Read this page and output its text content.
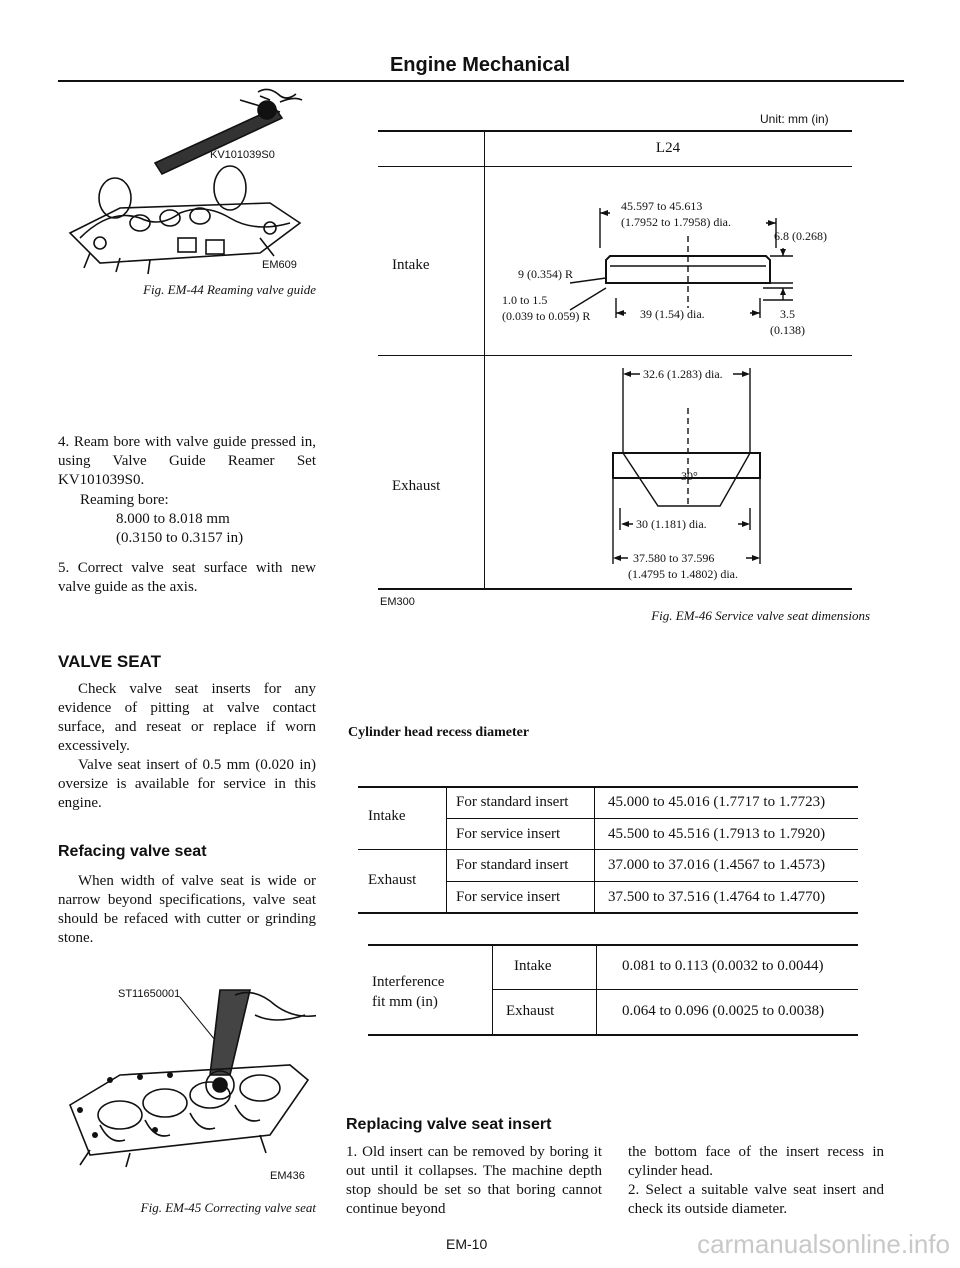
Engine Mechanical
KV101039S0
EM609
Fig. EM-44 Reaming valve guide
4. Ream bore with valve guide pressed in, using Valve Guide Reamer Set KV101039S0.
Reaming bore:
8.000 to 8.018 mm
(0.3150 to 0.3157 in)
5. Correct valve seat surface with new valve guide as the axis.
VALVE SEAT
Check valve seat inserts for any evidence of pitting at valve contact surface, and reseat or replace if worn excessively.
Valve seat insert of 0.5 mm (0.020 in) oversize is available for service in this engine.
Refacing valve seat
When width of valve seat is wide or narrow beyond specifications, valve seat should be refaced with cutter or grinding stone.
ST11650001
EM436
Fig. EM-45 Correcting valve seat
Unit: mm (in)
L24
Intake
Exhaust
45.597 to 45.613
(1.7952 to 1.7958) dia.
9 (0.354) R
1.0 to 1.5
(0.039 to 0.059) R	39 (1.54) dia.
6.8 (0.268)
3.5
(0.138)
32.6 (1.283) dia.
30°
30 (1.181) dia.
37.580 to 37.596
(1.4795 to 1.4802) dia.
EM300
Fig. EM-46 Service valve seat dimensions
Cylinder head recess diameter
Intake
Exhaust
For standard insert
For service insert
For standard insert
For service insert
45.000 to 45.016 (1.7717 to 1.7723)
45.500 to 45.516 (1.7913 to 1.7920)
37.000 to 37.016 (1.4567 to 1.4573)
37.500 to 37.516 (1.4764 to 1.4770)
Interference
fit mm (in)
Intake
Exhaust
0.081 to 0.113 (0.0032 to 0.0044)
0.064 to 0.096 (0.0025 to 0.0038)
Replacing valve seat insert
1. Old insert can be removed by boring it out until it collapses. The machine depth stop should be set so that boring cannot continue beyond
the bottom face of the insert recess in cylinder head.
2. Select a suitable valve seat insert and check its outside diameter.
EM-10	carmanualsonline.info
